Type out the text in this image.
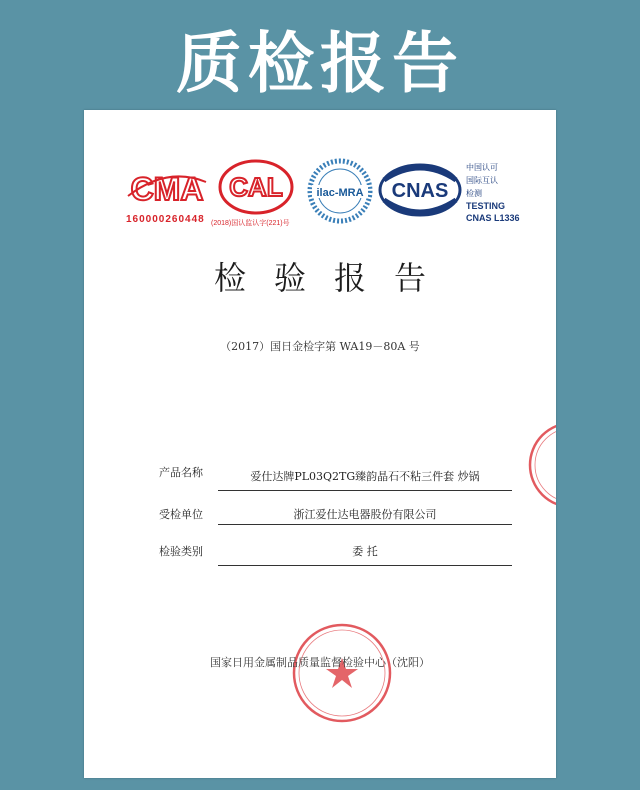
质检报告
CMA
160000260448
CAL
(2018)国认监认字(221)号
ilac-MRA CNAS
中国认可
国际互认
检测
TESTING
CNAS L1336
检验报告
（2017）国日金检字第 WA19－80A 号
产品名称	爱仕达牌PL03Q2TG臻韵晶石不粘三件套 炒锅
受检单位	浙江爱仕达电器股份有限公司
检验类别	委 托
国家日用金属制品质量监督检验中心（沈阳）
